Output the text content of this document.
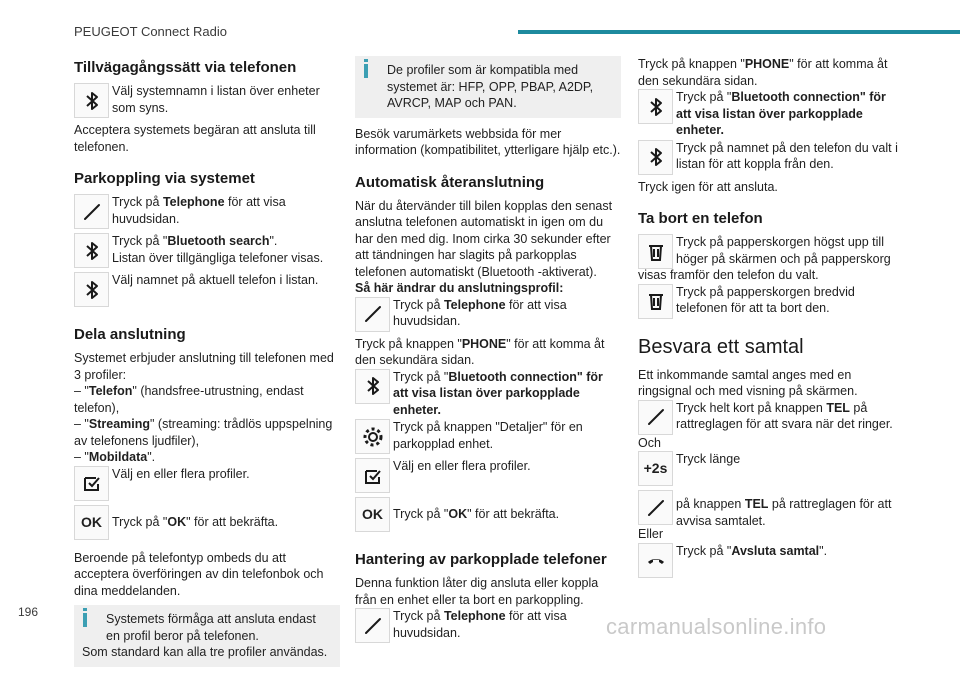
PEUGEOT Connect Radio
Tillvägagångssätt via telefonen
Välj systemnamn i listan över enheter som syns.

Acceptera systemets begäran att ansluta till telefonen.

Parkoppling via systemet
Tryck på Telephone för att visa huvudsidan.
Tryck på "Bluetooth search".
Listan över tillgängliga telefoner visas.
Välj namnet på aktuell telefon i listan.
Dela anslutning

Systemet erbjuder anslutning till telefonen med 3 profiler:

– "Telefon" (handsfree-utrustning, endast telefon),

– "Streaming" (streaming: trådlös uppspelning av telefonens ljudfiler),

– "Mobildata".

Välj en eller flera profiler.
OK Tryck på "OK" för att bekräfta.

Beroende på telefontyp ombeds du att acceptera överföringen av din telefonbok och dina meddelanden.

Systemets förmåga att ansluta endast en profil beror på telefonen.

Som standard kan alla tre profiler användas.

De profiler som är kompatibla med systemet är: HFP, OPP, PBAP, A2DP, AVRCP, MAP och PAN.

Besök varumärkets webbsida för mer information (kompatibilitet, ytterligare hjälp etc.).

Automatisk återanslutning

När du återvänder till bilen kopplas den senast anslutna telefonen automatiskt in igen om du har den med dig. Inom cirka 30 sekunder efter att tändningen har slagits på parkopplas telefonen automatiskt (Bluetooth -aktiverat).

Så här ändrar du anslutningsprofil:

Tryck på Telephone för att visa huvudsidan.

Tryck på knappen "PHONE" för att komma åt den sekundära sidan.

Tryck på "Bluetooth connection" för att visa listan över parkopplade enheter.
Tryck på knappen "Detaljer" för en parkopplad enhet.
Välj en eller flera profiler.
OK Tryck på "OK" för att bekräfta.
Hantering av parkopplade telefoner

Denna funktion låter dig ansluta eller koppla från en enhet eller ta bort en parkoppling.

Tryck på Telephone för att visa huvudsidan.

Tryck på knappen "PHONE" för att komma åt den sekundära sidan.

Tryck på "Bluetooth connection" för att visa listan över parkopplade enheter.
Tryck på namnet på den telefon du valt i listan för att koppla från den.

Tryck igen för att ansluta.

Ta bort en telefon
Tryck på papperskorgen högst upp till höger på skärmen och på papperskorg

visas framför den telefon du valt.

Tryck på papperskorgen bredvid telefonen för att ta bort den.
Besvara ett samtal

Ett inkommande samtal anges med en ringsignal och med visning på skärmen.

Tryck helt kort på knappen TEL på rattreglagen för att svara när det ringer.

Och

+2s
Tryck länge
på knappen TEL på rattreglagen för att avvisa samtalet.

Eller

Tryck på "Avsluta samtal".
196
carmanualsonline.info
